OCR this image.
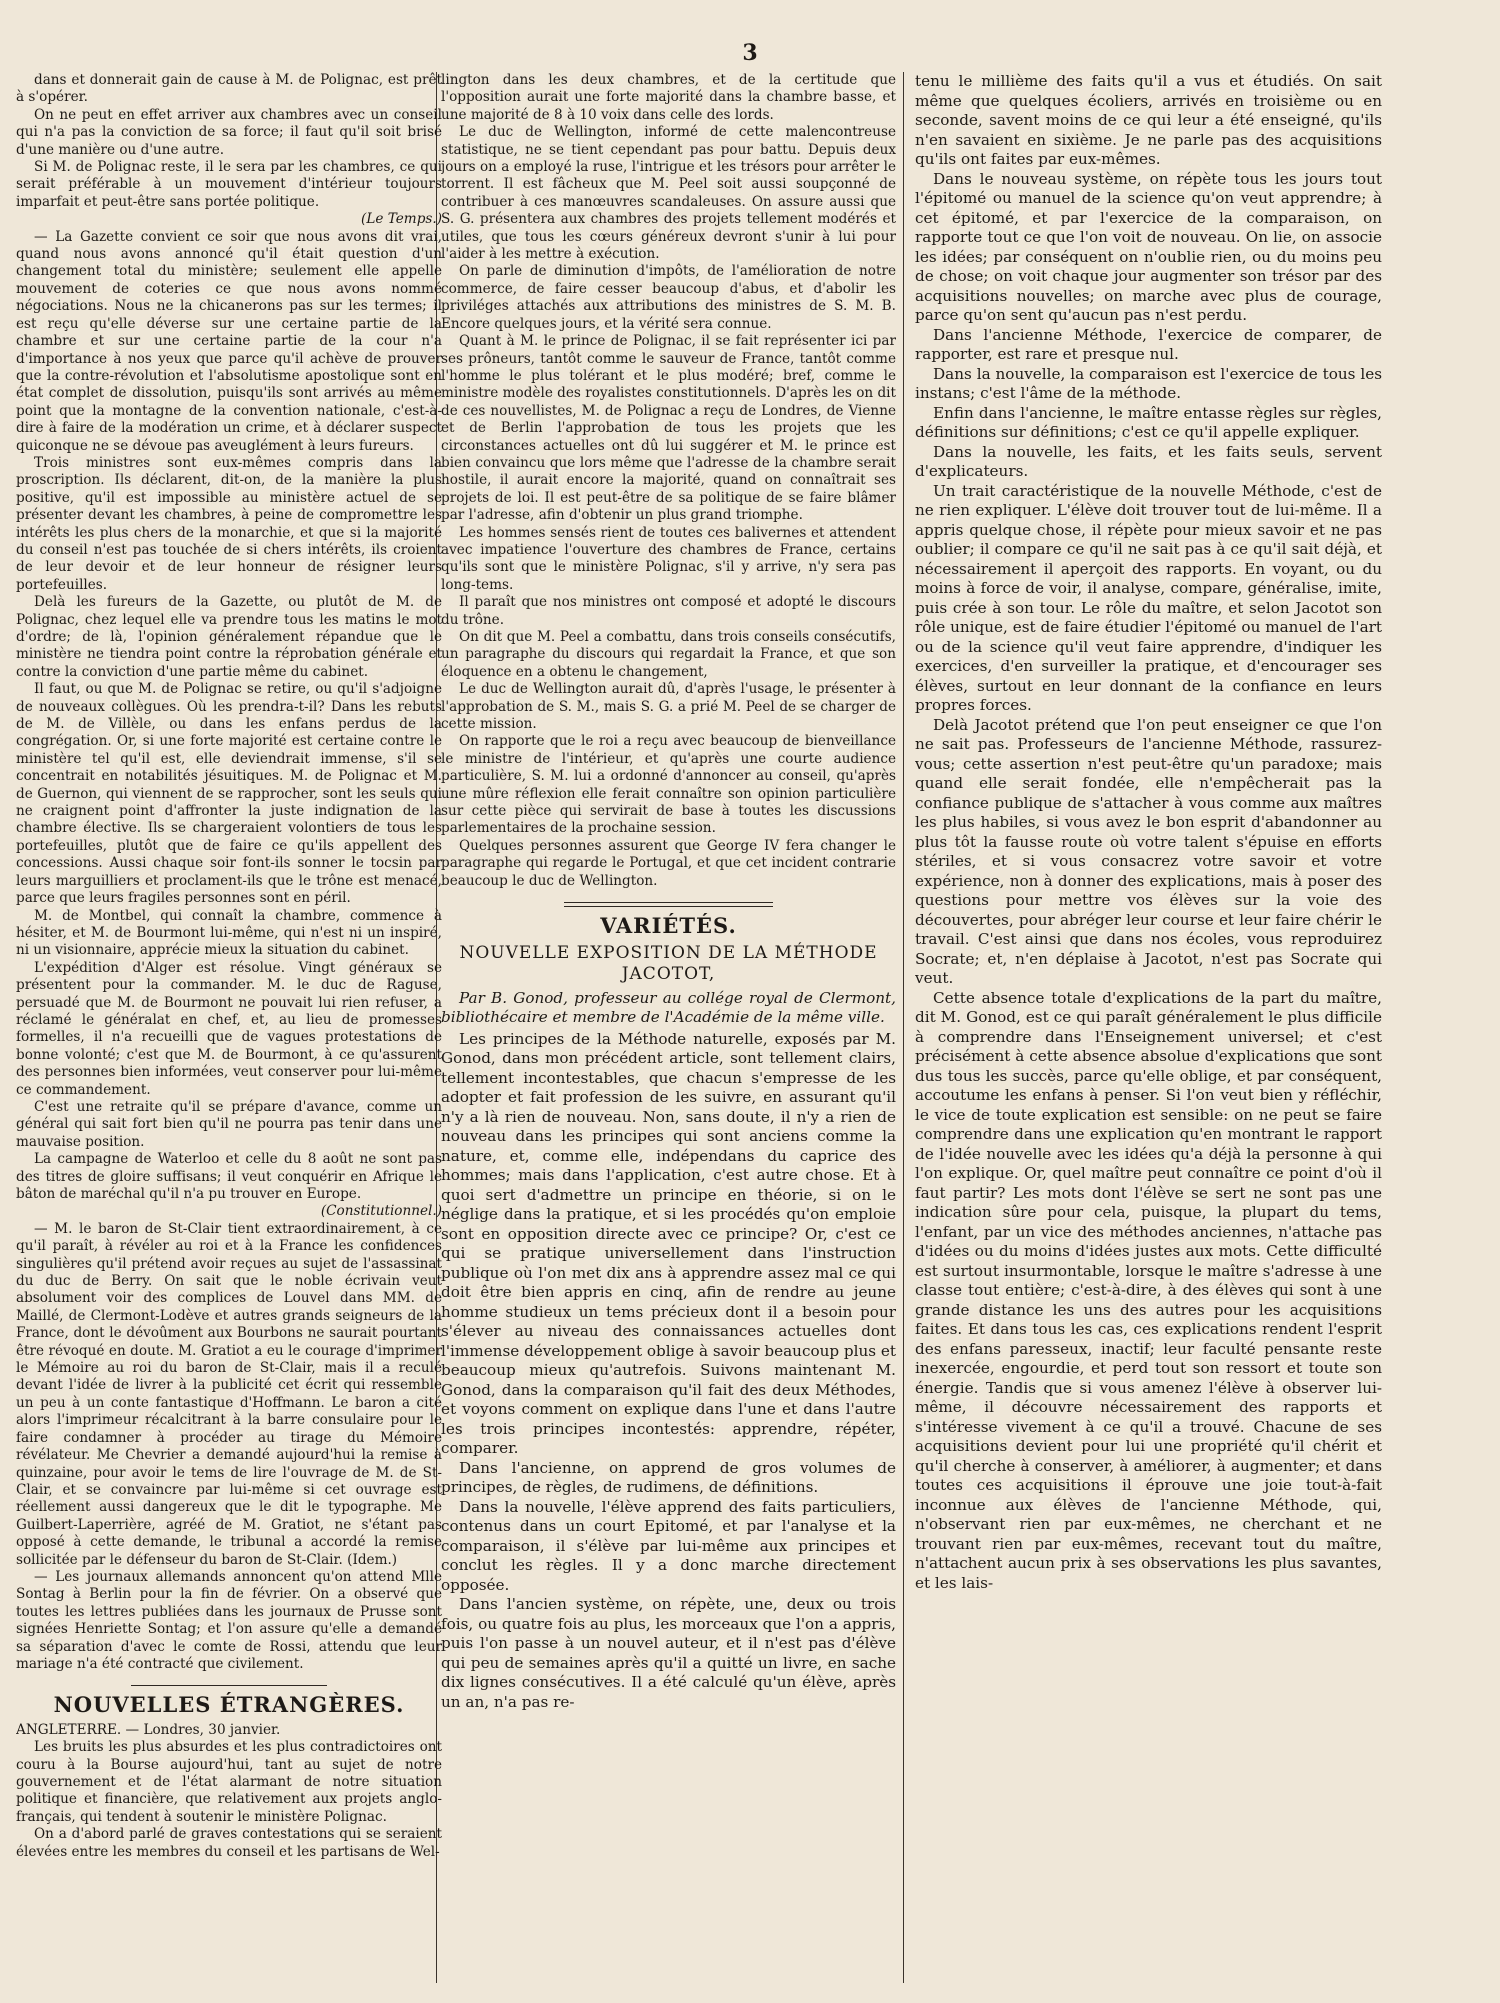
3

dans et donnerait gain de cause à M. de Polignac, est prêt à s'opérer.

On ne peut en effet arriver aux chambres avec un conseil qui n'a pas la conviction de sa force; il faut qu'il soit brisé d'une manière ou d'une autre.

Si M. de Polignac reste, il le sera par les chambres, ce qui serait préférable à un mouvement d'intérieur toujours imparfait et peut-être sans portée politique.

(Le Temps.)

— La Gazette convient ce soir que nous avons dit vrai, quand nous avons annoncé qu'il était question d'un changement total du ministère; seulement elle appelle mouvement de coteries ce que nous avons nommé négociations. Nous ne la chicanerons pas sur les termes; il est reçu qu'elle déverse sur une certaine partie de la chambre et sur une certaine partie de la cour n'a d'importance à nos yeux que parce qu'il achève de prouver que la contre-révolution et l'absolutisme apostolique sont en état complet de dissolution, puisqu'ils sont arrivés au même point que la montagne de la convention nationale, c'est-à-dire à faire de la modération un crime, et à déclarer suspect quiconque ne se dévoue pas aveuglément à leurs fureurs.

Trois ministres sont eux-mêmes compris dans la proscription. Ils déclarent, dit-on, de la manière la plus positive, qu'il est impossible au ministère actuel de se présenter devant les chambres, à peine de compromettre les intérêts les plus chers de la monarchie, et que si la majorité du conseil n'est pas touchée de si chers intérêts, ils croient de leur devoir et de leur honneur de résigner leurs portefeuilles.

Delà les fureurs de la Gazette, ou plutôt de M. de Polignac, chez lequel elle va prendre tous les matins le mot d'ordre; de là, l'opinion généralement répandue que le ministère ne tiendra point contre la réprobation générale et contre la conviction d'une partie même du cabinet.

Il faut, ou que M. de Polignac se retire, ou qu'il s'adjoigne de nouveaux collègues. Où les prendra-t-il? Dans les rebuts de M. de Villèle, ou dans les enfans perdus de la congrégation. Or, si une forte majorité est certaine contre le ministère tel qu'il est, elle deviendrait immense, s'il se concentrait en notabilités jésuitiques. M. de Polignac et M. de Guernon, qui viennent de se rapprocher, sont les seuls qui ne craignent point d'affronter la juste indignation de la chambre élective. Ils se chargeraient volontiers de tous les portefeuilles, plutôt que de faire ce qu'ils appellent des concessions. Aussi chaque soir font-ils sonner le tocsin par leurs marguilliers et proclament-ils que le trône est menacé, parce que leurs fragiles personnes sont en péril.

M. de Montbel, qui connaît la chambre, commence à hésiter, et M. de Bourmont lui-même, qui n'est ni un inspiré, ni un visionnaire, apprécie mieux la situation du cabinet.

L'expédition d'Alger est résolue. Vingt généraux se présentent pour la commander. M. le duc de Raguse, persuadé que M. de Bourmont ne pouvait lui rien refuser, a réclamé le généralat en chef, et, au lieu de promesses formelles, il n'a recueilli que de vagues protestations de bonne volonté; c'est que M. de Bourmont, à ce qu'assurent des personnes bien informées, veut conserver pour lui-même ce commandement.

C'est une retraite qu'il se prépare d'avance, comme un général qui sait fort bien qu'il ne pourra pas tenir dans une mauvaise position.

La campagne de Waterloo et celle du 8 août ne sont pas des titres de gloire suffisans; il veut conquérir en Afrique le bâton de maréchal qu'il n'a pu trouver en Europe.

(Constitutionnel.)

— M. le baron de St-Clair tient extraordinairement, à ce qu'il paraît, à révéler au roi et à la France les confidences singulières qu'il prétend avoir reçues au sujet de l'assassinat du duc de Berry. On sait que le noble écrivain veut absolument voir des complices de Louvel dans MM. de Maillé, de Clermont-Lodève et autres grands seigneurs de la France, dont le dévoûment aux Bourbons ne saurait pourtant être révoqué en doute. M. Gratiot a eu le courage d'imprimer le Mémoire au roi du baron de St-Clair, mais il a reculé devant l'idée de livrer à la publicité cet écrit qui ressemble un peu à un conte fantastique d'Hoffmann. Le baron a cité alors l'imprimeur récalcitrant à la barre consulaire pour le faire condamner à procéder au tirage du Mémoire révélateur. Me Chevrier a demandé aujourd'hui la remise à quinzaine, pour avoir le tems de lire l'ouvrage de M. de St-Clair, et se convaincre par lui-même si cet ouvrage est réellement aussi dangereux que le dit le typographe. Me Guilbert-Laperrière, agréé de M. Gratiot, ne s'étant pas opposé à cette demande, le tribunal a accordé la remise sollicitée par le défenseur du baron de St-Clair. (Idem.)

— Les journaux allemands annoncent qu'on attend Mlle Sontag à Berlin pour la fin de février. On a observé que toutes les lettres publiées dans les journaux de Prusse sont signées Henriette Sontag; et l'on assure qu'elle a demandé sa séparation d'avec le comte de Rossi, attendu que leur mariage n'a été contracté que civilement.

NOUVELLES ÉTRANGÈRES.

ANGLETERRE. — Londres, 30 janvier.

Les bruits les plus absurdes et les plus contradictoires ont couru à la Bourse aujourd'hui, tant au sujet de notre gouvernement et de l'état alarmant de notre situation politique et financière, que relativement aux projets anglo-français, qui tendent à soutenir le ministère Polignac.

On a d'abord parlé de graves contestations qui se seraient élevées entre les membres du conseil et les partisans de Wel-

lington dans les deux chambres, et de la certitude que l'opposition aurait une forte majorité dans la chambre basse, et une majorité de 8 à 10 voix dans celle des lords.

Le duc de Wellington, informé de cette malencontreuse statistique, ne se tient cependant pas pour battu. Depuis deux jours on a employé la ruse, l'intrigue et les trésors pour arrêter le torrent. Il est fâcheux que M. Peel soit aussi soupçonné de contribuer à ces manœuvres scandaleuses. On assure aussi que S. G. présentera aux chambres des projets tellement modérés et utiles, que tous les cœurs généreux devront s'unir à lui pour l'aider à les mettre à exécution.

On parle de diminution d'impôts, de l'amélioration de notre commerce, de faire cesser beaucoup d'abus, et d'abolir les priviléges attachés aux attributions des ministres de S. M. B. Encore quelques jours, et la vérité sera connue.

Quant à M. le prince de Polignac, il se fait représenter ici par ses prôneurs, tantôt comme le sauveur de France, tantôt comme l'homme le plus tolérant et le plus modéré; bref, comme le ministre modèle des royalistes constitutionnels. D'après les on dit de ces nouvellistes, M. de Polignac a reçu de Londres, de Vienne et de Berlin l'approbation de tous les projets que les circonstances actuelles ont dû lui suggérer et M. le prince est bien convaincu que lors même que l'adresse de la chambre serait hostile, il aurait encore la majorité, quand on connaîtrait ses projets de loi. Il est peut-être de sa politique de se faire blâmer par l'adresse, afin d'obtenir un plus grand triomphe.

Les hommes sensés rient de toutes ces balivernes et attendent avec impatience l'ouverture des chambres de France, certains qu'ils sont que le ministère Polignac, s'il y arrive, n'y sera pas long-tems.

Il paraît que nos ministres ont composé et adopté le discours du trône.

On dit que M. Peel a combattu, dans trois conseils consécutifs, un paragraphe du discours qui regardait la France, et que son éloquence en a obtenu le changement,

Le duc de Wellington aurait dû, d'après l'usage, le présenter à l'approbation de S. M., mais S. G. a prié M. Peel de se charger de cette mission.

On rapporte que le roi a reçu avec beaucoup de bienveillance le ministre de l'intérieur, et qu'après une courte audience particulière, S. M. lui a ordonné d'annoncer au conseil, qu'après une mûre réflexion elle ferait connaître son opinion particulière sur cette pièce qui servirait de base à toutes les discussions parlementaires de la prochaine session.

Quelques personnes assurent que George IV fera changer le paragraphe qui regarde le Portugal, et que cet incident contrarie beaucoup le duc de Wellington.

VARIÉTÉS.

NOUVELLE EXPOSITION DE LA MÉTHODE JACOTOT,

Par B. Gonod, professeur au collége royal de Clermont, bibliothécaire et membre de l'Académie de la même ville.

Les principes de la Méthode naturelle, exposés par M. Gonod, dans mon précédent article, sont tellement clairs, tellement incontestables, que chacun s'empresse de les adopter et fait profession de les suivre, en assurant qu'il n'y a là rien de nouveau. Non, sans doute, il n'y a rien de nouveau dans les principes qui sont anciens comme la nature, et, comme elle, indépendans du caprice des hommes; mais dans l'application, c'est autre chose. Et à quoi sert d'admettre un principe en théorie, si on le néglige dans la pratique, et si les procédés qu'on emploie sont en opposition directe avec ce principe? Or, c'est ce qui se pratique universellement dans l'instruction publique où l'on met dix ans à apprendre assez mal ce qui doit être bien appris en cinq, afin de rendre au jeune homme studieux un tems précieux dont il a besoin pour s'élever au niveau des connaissances actuelles dont l'immense développement oblige à savoir beaucoup plus et beaucoup mieux qu'autrefois. Suivons maintenant M. Gonod, dans la comparaison qu'il fait des deux Méthodes, et voyons comment on explique dans l'une et dans l'autre les trois principes incontestés: apprendre, répéter, comparer.

Dans l'ancienne, on apprend de gros volumes de principes, de règles, de rudimens, de définitions.

Dans la nouvelle, l'élève apprend des faits particuliers, contenus dans un court Epitomé, et par l'analyse et la comparaison, il s'élève par lui-même aux principes et conclut les règles. Il y a donc marche directement opposée.

Dans l'ancien système, on répète, une, deux ou trois fois, ou quatre fois au plus, les morceaux que l'on a appris, puis l'on passe à un nouvel auteur, et il n'est pas d'élève qui peu de semaines après qu'il a quitté un livre, en sache dix lignes consécutives. Il a été calculé qu'un élève, après un an, n'a pas re-

tenu le millième des faits qu'il a vus et étudiés. On sait même que quelques écoliers, arrivés en troisième ou en seconde, savent moins de ce qui leur a été enseigné, qu'ils n'en savaient en sixième. Je ne parle pas des acquisitions qu'ils ont faites par eux-mêmes.

Dans le nouveau système, on répète tous les jours tout l'épitomé ou manuel de la science qu'on veut apprendre; à cet épitomé, et par l'exercice de la comparaison, on rapporte tout ce que l'on voit de nouveau. On lie, on associe les idées; par conséquent on n'oublie rien, ou du moins peu de chose; on voit chaque jour augmenter son trésor par des acquisitions nouvelles; on marche avec plus de courage, parce qu'on sent qu'aucun pas n'est perdu.

Dans l'ancienne Méthode, l'exercice de comparer, de rapporter, est rare et presque nul.

Dans la nouvelle, la comparaison est l'exercice de tous les instans; c'est l'âme de la méthode.

Enfin dans l'ancienne, le maître entasse règles sur règles, définitions sur définitions; c'est ce qu'il appelle expliquer.

Dans la nouvelle, les faits, et les faits seuls, servent d'explicateurs.

Un trait caractéristique de la nouvelle Méthode, c'est de ne rien expliquer. L'élève doit trouver tout de lui-même. Il a appris quelque chose, il répète pour mieux savoir et ne pas oublier; il compare ce qu'il ne sait pas à ce qu'il sait déjà, et nécessairement il aperçoit des rapports. En voyant, ou du moins à force de voir, il analyse, compare, généralise, imite, puis crée à son tour. Le rôle du maître, et selon Jacotot son rôle unique, est de faire étudier l'épitomé ou manuel de l'art ou de la science qu'il veut faire apprendre, d'indiquer les exercices, d'en surveiller la pratique, et d'encourager ses élèves, surtout en leur donnant de la confiance en leurs propres forces.

Delà Jacotot prétend que l'on peut enseigner ce que l'on ne sait pas. Professeurs de l'ancienne Méthode, rassurez-vous; cette assertion n'est peut-être qu'un paradoxe; mais quand elle serait fondée, elle n'empêcherait pas la confiance publique de s'attacher à vous comme aux maîtres les plus habiles, si vous avez le bon esprit d'abandonner au plus tôt la fausse route où votre talent s'épuise en efforts stériles, et si vous consacrez votre savoir et votre expérience, non à donner des explications, mais à poser des questions pour mettre vos élèves sur la voie des découvertes, pour abréger leur course et leur faire chérir le travail. C'est ainsi que dans nos écoles, vous reproduirez Socrate; et, n'en déplaise à Jacotot, n'est pas Socrate qui veut.

Cette absence totale d'explications de la part du maître, dit M. Gonod, est ce qui paraît généralement le plus difficile à comprendre dans l'Enseignement universel; et c'est précisément à cette absence absolue d'explications que sont dus tous les succès, parce qu'elle oblige, et par conséquent, accoutume les enfans à penser. Si l'on veut bien y réfléchir, le vice de toute explication est sensible: on ne peut se faire comprendre dans une explication qu'en montrant le rapport de l'idée nouvelle avec les idées qu'a déjà la personne à qui l'on explique. Or, quel maître peut connaître ce point d'où il faut partir? Les mots dont l'élève se sert ne sont pas une indication sûre pour cela, puisque, la plupart du tems, l'enfant, par un vice des méthodes anciennes, n'attache pas d'idées ou du moins d'idées justes aux mots. Cette difficulté est surtout insurmontable, lorsque le maître s'adresse à une classe tout entière; c'est-à-dire, à des élèves qui sont à une grande distance les uns des autres pour les acquisitions faites. Et dans tous les cas, ces explications rendent l'esprit des enfans paresseux, inactif; leur faculté pensante reste inexercée, engourdie, et perd tout son ressort et toute son énergie. Tandis que si vous amenez l'élève à observer lui-même, il découvre nécessairement des rapports et s'intéresse vivement à ce qu'il a trouvé. Chacune de ses acquisitions devient pour lui une propriété qu'il chérit et qu'il cherche à conserver, à améliorer, à augmenter; et dans toutes ces acquisitions il éprouve une joie tout-à-fait inconnue aux élèves de l'ancienne Méthode, qui, n'observant rien par eux-mêmes, ne cherchant et ne trouvant rien par eux-mêmes, recevant tout du maître, n'attachent aucun prix à ses observations les plus savantes, et les lais-
